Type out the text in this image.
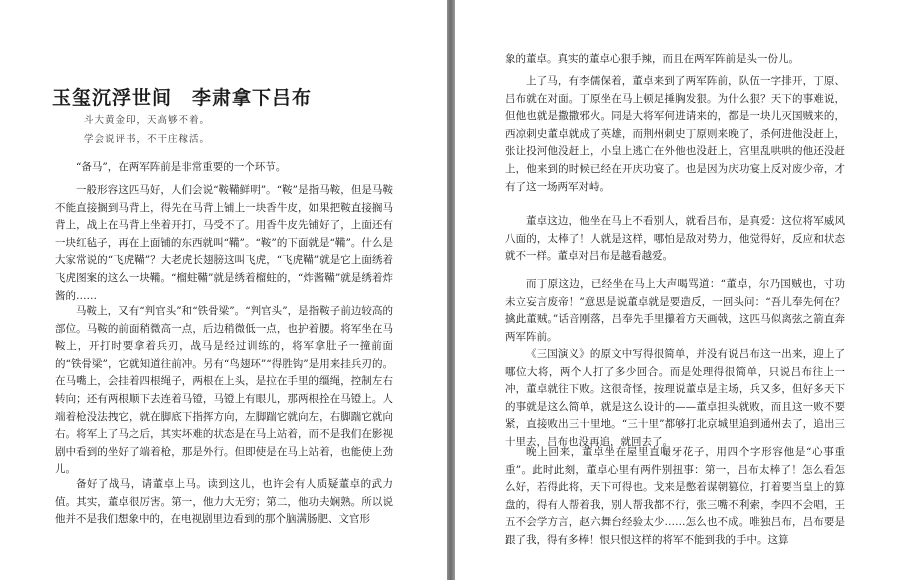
玉玺沉浮世间　李肃拿下吕布

斗大黄金印，天高够不着。

学会说评书，不干庄稼活。

“备马”，在两军阵前是非常重要的一个环节。

一般形容这匹马好，人们会说“鞍鞴鲜明”。“鞍”是指马鞍，但是马鞍不能直接搁到马背上，得先在马背上铺上一块香牛皮，如果把鞍直接搁马背上，战上在马背上坐着开打，马受不了。用香牛皮先铺好了，上面还有一块红毡子，再在上面铺的东西就叫“鞴”。“鞍”的下面就是“鞴”。什么是大家常说的“飞虎鞴”？大老虎长翅膀这叫飞虎，“飞虎鞴”就是它上面绣着飞虎图案的这么一块鞴。“榴蛀鞴”就是绣着榴蛀的，“炸酱鞴”就是绣着炸酱的……

马鞍上，又有“判官头”和“铁骨梁”。“判官头”，是指鞍子前边较高的部位。马鞍的前面稍微高一点，后边稍微低一点，也护着腰。将军坐在马鞍上，开打时要拿着兵刃，战马是经过训练的，将军拿肚子一撞前面的“铁骨梁”，它就知道往前冲。另有“鸟翅环”“得胜钩”是用来挂兵刃的。在马嘴上，会挂着四根绳子，两根在上头，是拉在手里的缰绳，控制左右转向；还有两根顺下去连着马镫，马镫上有眼儿，那两根拴在马镫上。人端着枪没法拽它，就在脚底下指挥方向，左脚踹它就向左，右脚踹它就向右。将军上了马之后，其实坏难的状态是在马上站着，而不是我们在影视剧中看到的坐好了端着枪，那是外行。但即使是在马上站着，也能使上劲儿。

备好了战马，请董卓上马。读到这儿，也许会有人质疑董卓的武力值。其实，董卓很厉害。第一，他力大无穷；第二，他功夫娴熟。所以说他并不是我们想象中的，在电视剧里边看到的那个脑满肠肥、文官形

象的董卓。真实的董卓心狠手辣，而且在两军阵前是头一份儿。

上了马，有李儒保着，董卓来到了两军阵前，队伍一字排开，丁原、吕布就在对面。丁原坐在马上顿足捶胸发狠。为什么狠？天下的事难说，但他也就是撒撒邪火。同是大将军何进请来的，都是一块儿灭国贼来的，西凉刺史董卓就成了英雄，而荆州刺史丁原则来晚了，杀何进他没赶上，张让投河他没赶上，小皇上逃亡在外他也没赶上，宫里乱哄哄的他还没赶上，他来到的时候已经在开庆功宴了。也是因为庆功宴上反对废少帝，才有了这一场两军对峙。

董卓这边，他坐在马上不看别人，就看吕布，是真爱：这位将军威风八面的，太棒了！人就是这样，哪怕是敌对势力，他觉得好，反应和状态就不一样。董卓对吕布是越看越爱。

而丁原这边，已经坐在马上大声喝骂道：“董卓，尔乃国贼也，寸功未立妄言废帝！”意思是说董卓就是要造反，一回头问：“吾儿奉先何在？擒此董贼。”话音刚落，吕奉先手里攥着方天画戟，这匹马似离弦之箭直奔两军阵前。

《三国演义》的原文中写得很简单，并没有说吕布这一出来，迎上了哪位大将，两个人打了多少回合。而是处理得很简单，只说吕布往上一冲，董卓就往下败。这很奇怪，按理说董卓是主场，兵又多，但好多天下的事就是这么简单，就是这么设计的——董卓担头就败，而且这一败不要紧，直接败出三十里地。“三十里”都够打北京城里追到通州去了，追出三十里去，吕布也没再追，就回去了。

晚上回来，董卓坐在屋里直嘬牙花子，用四个字形容他是“心事重重”。此时此刻，董卓心里有两件别扭事：第一，吕布太棒了！怎么看怎么好，若得此将，天下可得也。戈来是憋着谋朝篡位，打着要当皇上的算盘的，得有人帮着我，别人帮我都不行，张三嘴不利索，李四不会唱，王五不会学方言，赵六舞台经验太少……怎么也不成。唯独吕布，吕布要是跟了我，得有多棒！恨只恨这样的将军不能到我的手中。这算
